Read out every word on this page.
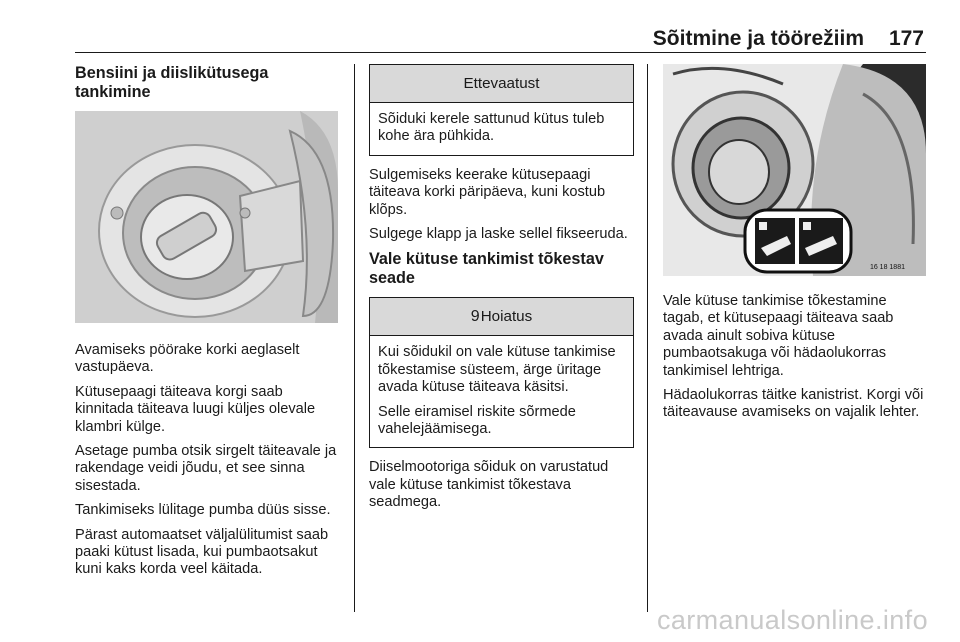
Sõitmine ja töörežiim 177
Bensiini ja diislikütusega tankimine

Avamiseks pöörake korki aeglaselt vastupäeva.

Kütusepaagi täiteava korgi saab kinnitada täiteava luugi küljes olevale klambri külge.

Asetage pumba otsik sirgelt täiteavale ja rakendage veidi jõudu, et see sinna sisestada.

Tankimiseks lülitage pumba düüs sisse.

Pärast automaatset väljalülitumist saab paaki kütust lisada, kui pumbaotsakut kuni kaks korda veel käitada.

Ettevaatust

Sõiduki kerele sattunud kütus tuleb kohe ära pühkida.

Sulgemiseks keerake kütusepaagi täiteava korki päripäeva, kuni kostub klõps.

Sulgege klapp ja laske sellel fikseeruda.

Vale kütuse tankimist tõkestav seade
9Hoiatus

Kui sõidukil on vale kütuse tankimise tõkestamise süsteem, ärge üritage avada kütuse täiteava käsitsi.

Selle eiramisel riskite sõrmede vahelejäämisega.

Diiselmootoriga sõiduk on varustatud vale kütuse tankimist tõkestava seadmega.

16 18 1881

Vale kütuse tankimise tõkestamine tagab, et kütusepaagi täiteava saab avada ainult sobiva kütuse pumbaotsakuga või hädaolukorras tankimisel lehtriga.

Hädaolukorras täitke kanistrist. Korgi või täiteavause avamiseks on vajalik lehter.

carmanualsonline.info
